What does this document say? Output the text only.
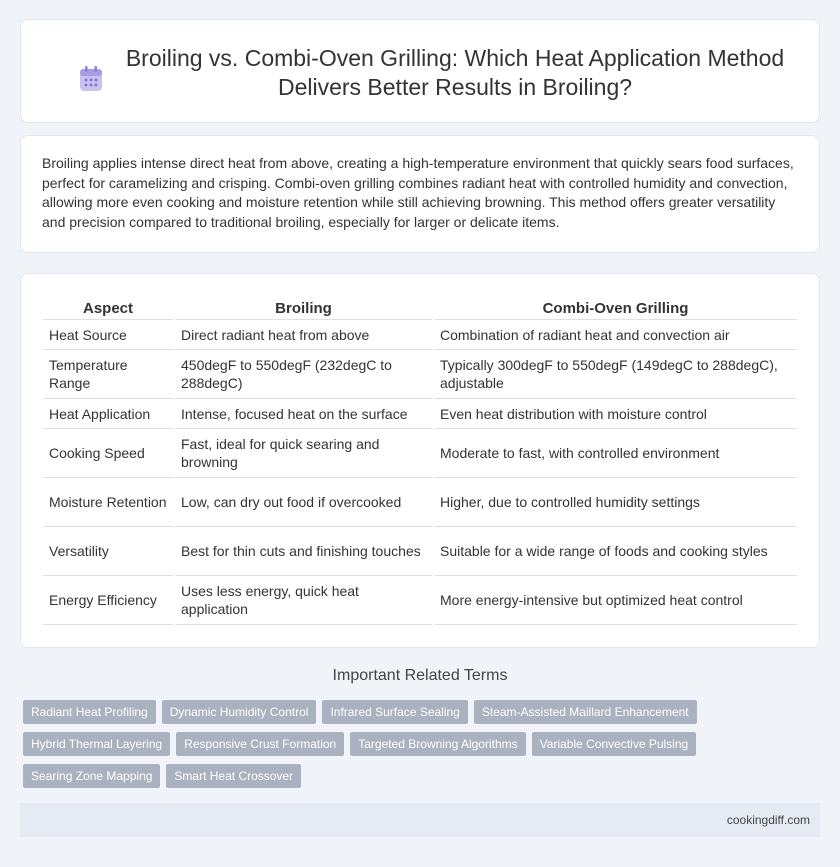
Broiling vs. Combi-Oven Grilling: Which Heat Application Method Delivers Better Results in Broiling?

Broiling applies intense direct heat from above, creating a high-temperature environment that quickly sears food surfaces, perfect for caramelizing and crisping. Combi-oven grilling combines radiant heat with controlled humidity and convection, allowing more even cooking and moisture retention while still achieving browning. This method offers greater versatility and precision compared to traditional broiling, especially for larger or delicate items.

Aspect	Broiling	Combi-Oven Grilling
Heat Source	Direct radiant heat from above	Combination of radiant heat and convection air
Temperature Range	450degF to 550degF (232degC to 288degC)	Typically 300degF to 550degF (149degC to 288degC), adjustable
Heat Application	Intense, focused heat on the surface	Even heat distribution with moisture control
Cooking Speed	Fast, ideal for quick searing and browning	Moderate to fast, with controlled environment
Moisture Retention	Low, can dry out food if overcooked	Higher, due to controlled humidity settings
Versatility	Best for thin cuts and finishing touches	Suitable for a wide range of foods and cooking styles
Energy Efficiency	Uses less energy, quick heat application	More energy-intensive but optimized heat control
Important Related Terms
Radiant Heat Profiling	Dynamic Humidity Control	Infrared Surface Sealing	Steam-Assisted Maillard Enhancement
Hybrid Thermal Layering	Responsive Crust Formation	Targeted Browning Algorithms	Variable Convective Pulsing
Searing Zone Mapping	Smart Heat Crossover
cookingdiff.com
